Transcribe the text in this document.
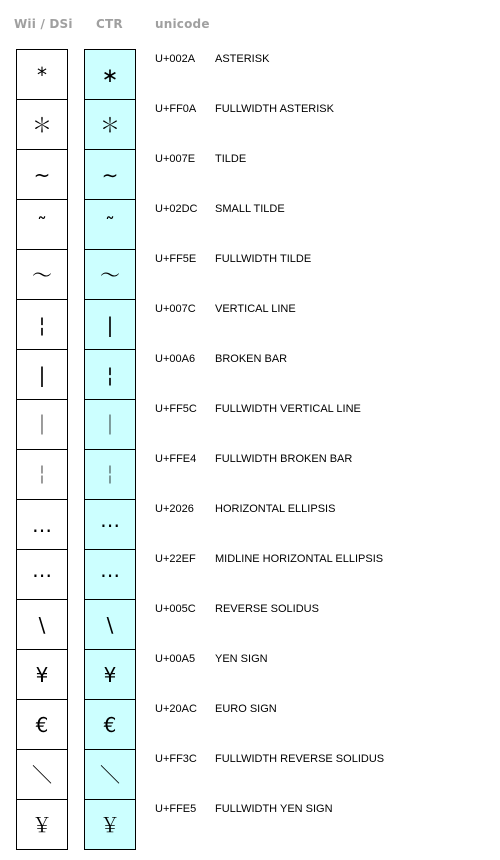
Wii / DSi CTR	unicode
*
＊
~
˜
～
¦
|
｜
￤
…
⋯
\
¥
€
＼
￥
∗
＊
∼
˜
～
|
¦
｜
￤
⋯
⋯
\
¥
€
＼
￥
U+002A ASTERISK
U+FF0A FULLWIDTH ASTERISK
U+007E TILDE
U+02DC SMALL TILDE
U+FF5E FULLWIDTH TILDE
U+007C VERTICAL LINE
U+00A6 BROKEN BAR
U+FF5C FULLWIDTH VERTICAL LINE
U+FFE4 FULLWIDTH BROKEN BAR
U+2026 HORIZONTAL ELLIPSIS
U+22EF MIDLINE HORIZONTAL ELLIPSIS
U+005C REVERSE SOLIDUS
U+00A5 YEN SIGN
U+20AC EURO SIGN
U+FF3C FULLWIDTH REVERSE SOLIDUS
U+FFE5 FULLWIDTH YEN SIGN
